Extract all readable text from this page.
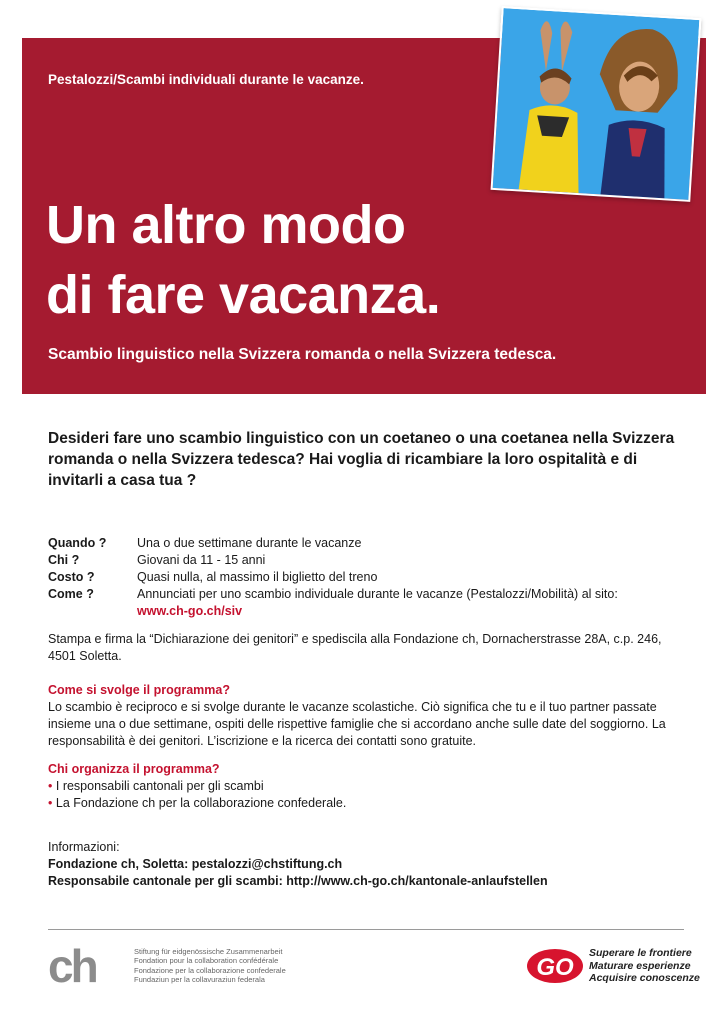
Pestalozzi/Scambi individuali durante le vacanze.
Un altro modo
di fare vacanza.
Scambio linguistico nella Svizzera romanda o nella Svizzera tedesca.
Desideri fare uno scambio linguistico con un coetaneo o una coetanea nella Svizzera romanda o nella Svizzera tedesca? Hai voglia di ricambiare la loro ospitalità e di invitarli a casa tua ?
Quando ?	Una o due settimane durante le vacanze
Chi ?	Giovani da 11 - 15 anni
Costo ?	Quasi nulla, al massimo il biglietto del treno
Come ?	Annunciati per uno scambio individuale durante le vacanze (Pestalozzi/Mobilità) al sito:
www.ch-go.ch/siv
Stampa e firma la “Dichiarazione dei genitori” e spediscila alla Fondazione ch, Dornacherstrasse 28A, c.p. 246, 4501 Soletta.
Come si svolge il programma?
Lo scambio è reciproco e si svolge durante le vacanze scolastiche. Ciò significa che tu e il tuo partner passate insieme una o due settimane, ospiti delle rispettive famiglie che si accordano anche sulle date del soggiorno. La responsabilità è dei genitori. L’iscrizione e la ricerca dei contatti sono gratuite.
Chi organizza il programma?
• I responsabili cantonali per gli scambi
• La Fondazione ch per la collaborazione confederale.
Informazioni:
Fondazione ch, Soletta: pestalozzi@chstiftung.ch
Responsabile cantonale per gli scambi: http://www.ch-go.ch/kantonale-anlaufstellen
ch	Stiftung für eidgenössische Zusammenarbeit
Fondation pour la collaboration confédérale
Fondazione per la collaborazione confederale
Fundaziun per la collavuraziun federala	GO
Superare le frontiere
Maturare esperienze
Acquisire conoscenze
